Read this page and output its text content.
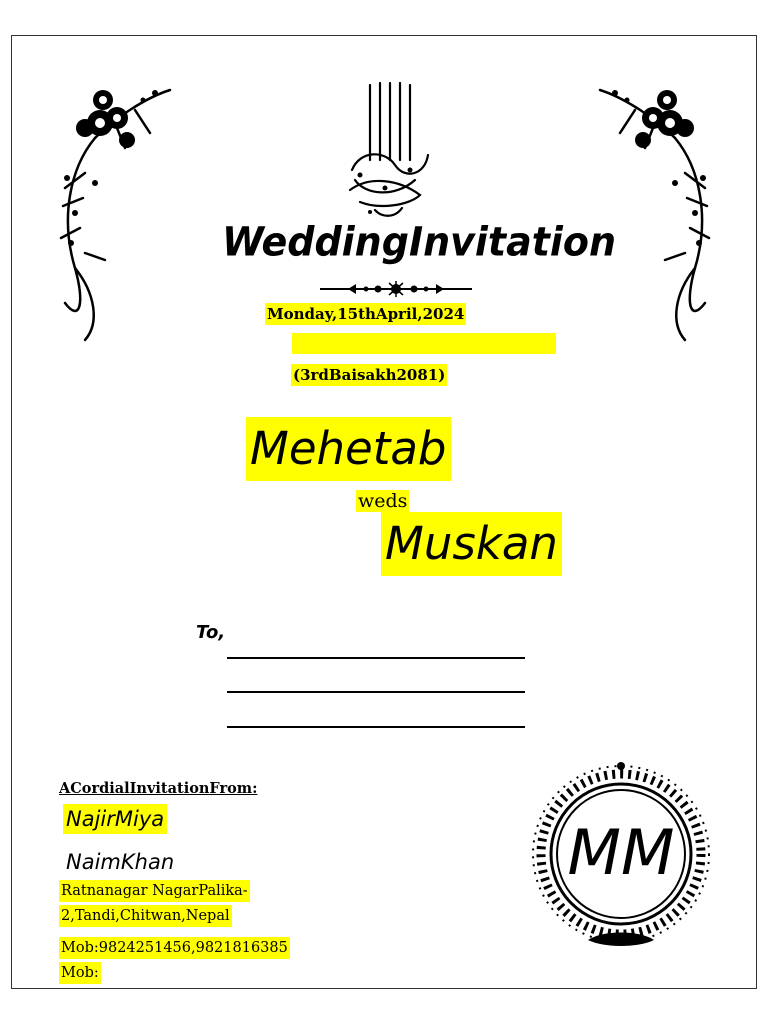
WeddingInvitation
Monday,15thApril,2024
(3rdBaisakh2081)
Mehetab
weds
Muskan
To,
ACordialInvitationFrom:
NajirMiya
NaimKhan
Ratnanagar NagarPalika-
2,Tandi,Chitwan,Nepal
Mob:9824251456,9821816385
Mob:
MM
